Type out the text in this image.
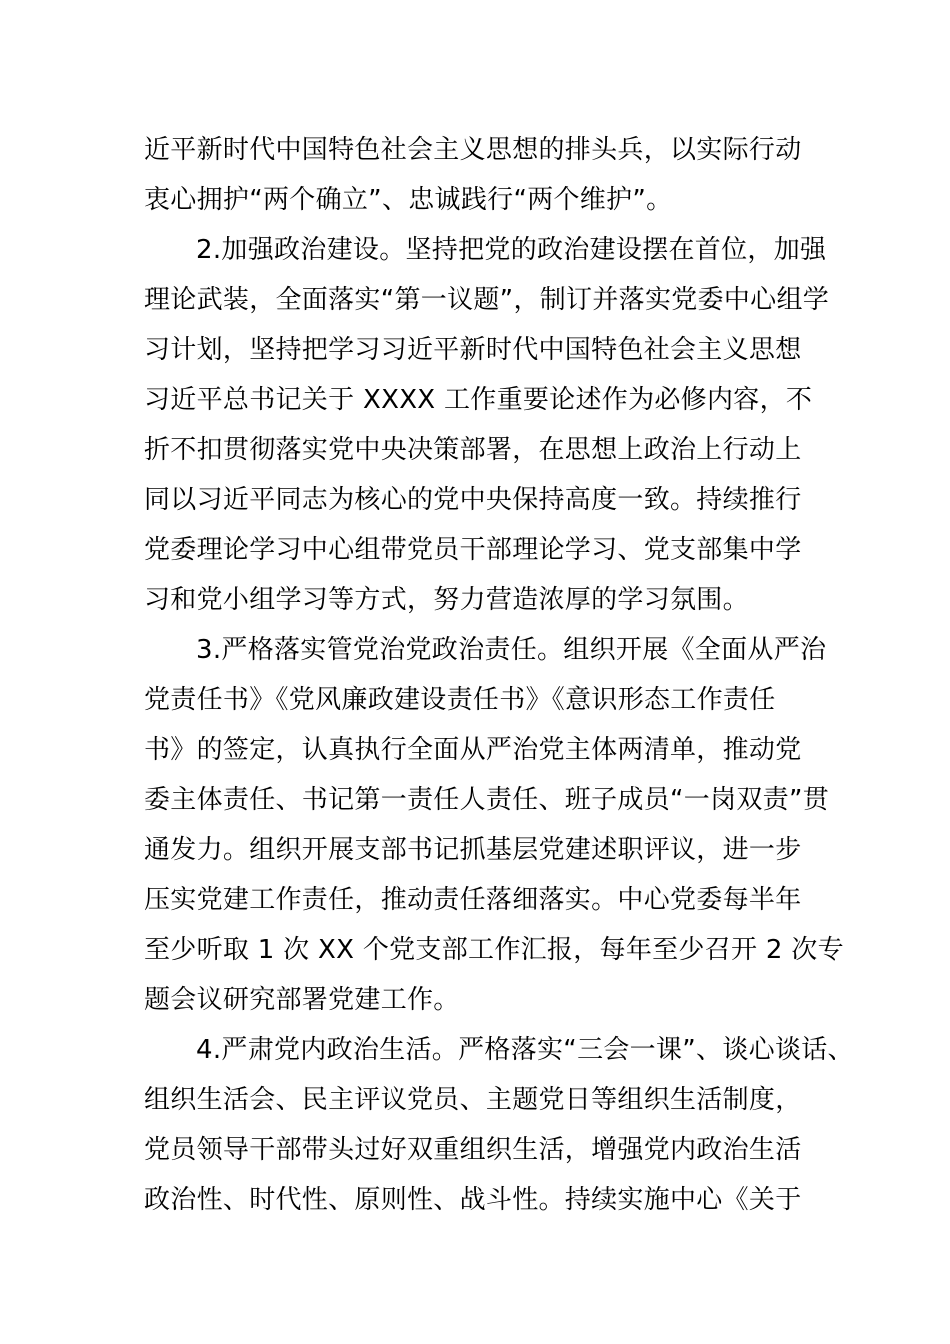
近平新时代中国特色社会主义思想的排头兵，以实际行动
衷心拥护“两个确立”、忠诚践行“两个维护”。
2.加强政治建设。坚持把党的政治建设摆在首位，加强
理论武装，全面落实“第一议题”，制订并落实党委中心组学
习计划，坚持把学习习近平新时代中国特色社会主义思想
习近平总书记关于 XXXX 工作重要论述作为必修内容，不
折不扣贯彻落实党中央决策部署，在思想上政治上行动上
同以习近平同志为核心的党中央保持高度一致。持续推行
党委理论学习中心组带党员干部理论学习、党支部集中学
习和党小组学习等方式，努力营造浓厚的学习氛围。
3.严格落实管党治党政治责任。组织开展《全面从严治
党责任书》《党风廉政建设责任书》《意识形态工作责任
书》的签定，认真执行全面从严治党主体两清单，推动党
委主体责任、书记第一责任人责任、班子成员“一岗双责”贯
通发力。组织开展支部书记抓基层党建述职评议，进一步
压实党建工作责任，推动责任落细落实。中心党委每半年
至少听取 1 次 XX 个党支部工作汇报，每年至少召开 2 次专
题会议研究部署党建工作。
4.严肃党内政治生活。严格落实“三会一课”、谈心谈话、
组织生活会、民主评议党员、主题党日等组织生活制度，
党员领导干部带头过好双重组织生活，增强党内政治生活
政治性、时代性、原则性、战斗性。持续实施中心《关于
